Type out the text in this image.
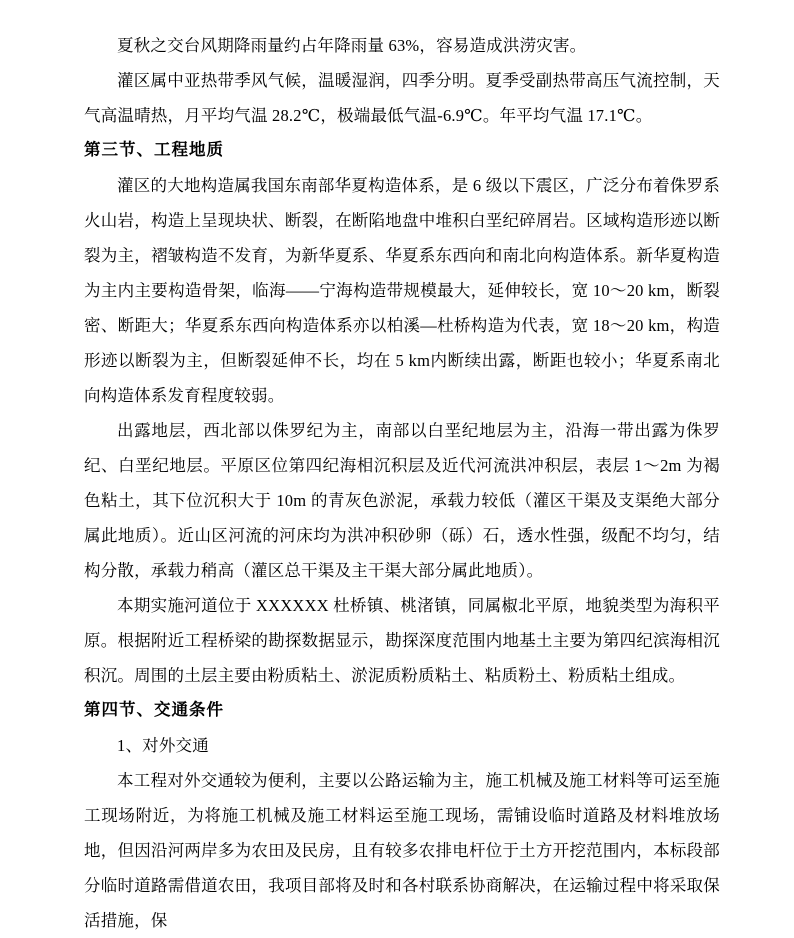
夏秋之交台风期降雨量约占年降雨量 63%，容易造成洪涝灾害。

灌区属中亚热带季风气候，温暖湿润，四季分明。夏季受副热带高压气流控制，天气高温晴热，月平均气温 28.2℃，极端最低气温-6.9℃。年平均气温 17.1℃。

第三节、工程地质

灌区的大地构造属我国东南部华夏构造体系，是 6 级以下震区，广泛分布着侏罗系火山岩，构造上呈现块状、断裂，在断陷地盘中堆积白垩纪碎屑岩。区域构造形迹以断裂为主，褶皱构造不发育，为新华夏系、华夏系东西向和南北向构造体系。新华夏构造为主内主要构造骨架，临海——宁海构造带规模最大，延伸较长，宽 10～20 km，断裂密、断距大；华夏系东西向构造体系亦以柏溪—杜桥构造为代表，宽 18～20 km，构造形迹以断裂为主，但断裂延伸不长，均在 5 km内断续出露，断距也较小；华夏系南北向构造体系发育程度较弱。

出露地层，西北部以侏罗纪为主，南部以白垩纪地层为主，沿海一带出露为侏罗纪、白垩纪地层。平原区位第四纪海相沉积层及近代河流洪冲积层，表层 1～2m 为褐色粘土，其下位沉积大于 10m 的青灰色淤泥，承载力较低（灌区干渠及支渠绝大部分属此地质）。近山区河流的河床均为洪冲积砂卵（砾）石，透水性强，级配不均匀，结构分散，承载力稍高（灌区总干渠及主干渠大部分属此地质）。

本期实施河道位于 XXXXXX 杜桥镇、桃渚镇，同属椒北平原，地貌类型为海积平原。根据附近工程桥梁的勘探数据显示，勘探深度范围内地基土主要为第四纪滨海相沉积沉。周围的土层主要由粉质粘土、淤泥质粉质粘土、粘质粉土、粉质粘土组成。

第四节、交通条件

1、对外交通

本工程对外交通较为便利，主要以公路运输为主，施工机械及施工材料等可运至施工现场附近，为将施工机械及施工材料运至施工现场，需铺设临时道路及材料堆放场地，但因沿河两岸多为农田及民房，且有较多农排电杆位于土方开挖范围内，本标段部分临时道路需借道农田，我项目部将及时和各村联系协商解决，在运输过程中将采取保活措施，保
